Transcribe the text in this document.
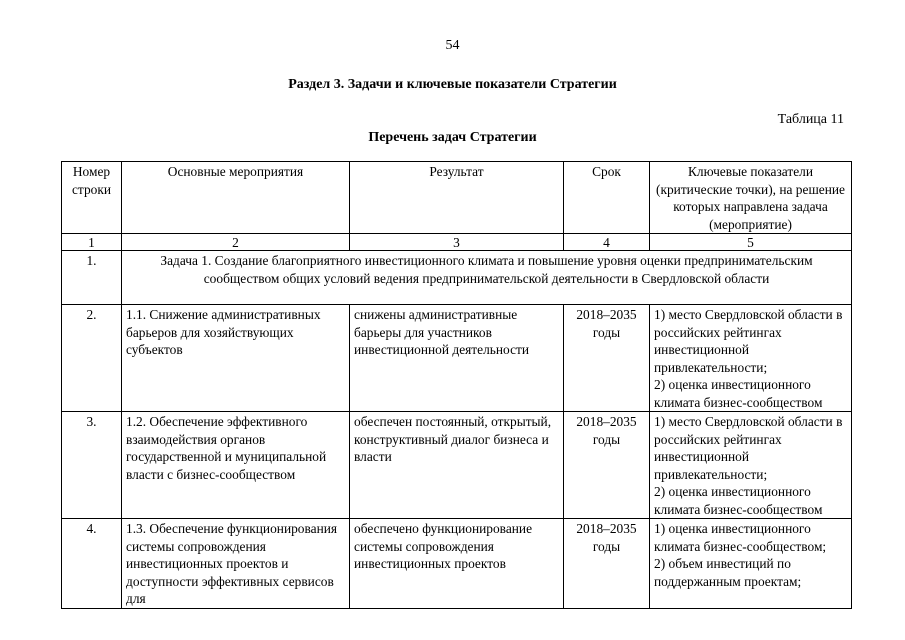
54
Раздел 3. Задачи и ключевые показатели Стратегии
Таблица 11
Перечень задач Стратегии
Номер строки	Основные мероприятия	Результат	Срок	Ключевые показатели (критические точки), на решение которых направлена задача (мероприятие)
1	2	3	4	5
1.	Задача 1. Создание благоприятного инвестиционного климата и повышение уровня оценки предпринимательским сообществом общих условий ведения предпринимательской деятельности в Свердловской области			
2.	1.1. Снижение административных барьеров для хозяйствующих субъектов	снижены административные барьеры для участников инвестиционной деятельности	2018–2035 годы	1) место Свердловской области в российских рейтингах инвестиционной привлекательности;
2) оценка инвестиционного климата бизнес-сообществом

3.	1.2. Обеспечение эффективного взаимодействия органов государственной и муниципальной власти с бизнес-сообществом	обеспечен постоянный, открытый, конструктивный диалог бизнеса и власти	2018–2035 годы	1) место Свердловской области в российских рейтингах инвестиционной привлекательности;
2) оценка инвестиционного климата бизнес-сообществом

4.	1.3. Обеспечение функционирования системы сопровождения инвестиционных проектов и доступности эффективных сервисов для	обеспечено функционирование системы сопровождения инвестиционных проектов	2018–2035 годы	1) оценка инвестиционного климата бизнес-сообществом;
2) объем инвестиций по поддержанным проектам;
